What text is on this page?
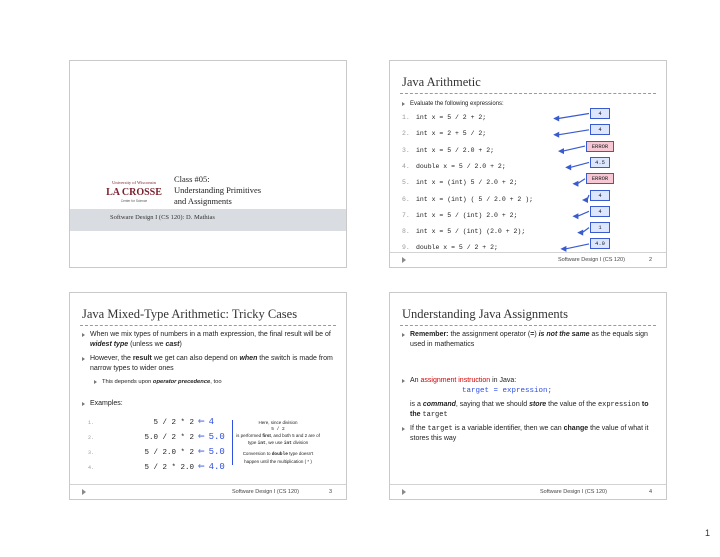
University of Wisconsin
LA CROSSE
Center for Science
Class #05:
Understanding Primitives
and Assignments
Software Design I (CS 120): D. Mathias
Java Arithmetic
Evaluate the following expressions:
1. int x = 5 / 2 + 2;
4
2. int x = 2 + 5 / 2;
4
3. int x = 5 / 2.0 + 2;
ERROR
4. double x = 5 / 2.0 + 2;
4.5
5. int x = (int) 5 / 2.0 + 2;
ERROR
6. int x = (int) ( 5 / 2.0 + 2 );
4
7. int x = 5 / (int) 2.0 + 2;
4
8. int x = 5 / (int) (2.0 + 2);
1
9. double x = 5 / 2 + 2;
4.0
Software Design I (CS 120)	2
Java Mixed-Type Arithmetic: Tricky Cases
When we mix types of numbers in a math expression, the final result will be of widest type (unless we cast)
However, the result we get can also depend on when the switch is made from narrow types to wider ones
This depends upon operator precedence, too
Examples:
1.	5 / 2 * 2 ⇐ 4
2.	5.0 / 2 * 2 ⇐ 5.0
3.	5 / 2.0 * 2 ⇐ 5.0
4.	5 / 2 * 2.0 ⇐ 4.0
Here, since division
5 / 2
is performed first, and both 5 and 2 are of type int, we use int division
Conversion to double type doesn't happen until the multiplication ( * )
Software Design I (CS 120)	3
Understanding Java Assignments
Remember: the assignment operator (=) is not the same as the equals sign used in mathematics
An assignment instruction in Java:
target = expression;
is a command, saying that we should store the value of the expression to the target
If the target is a variable identifier, then we can change the value of what it stores this way
Software Design I (CS 120)	4
1
